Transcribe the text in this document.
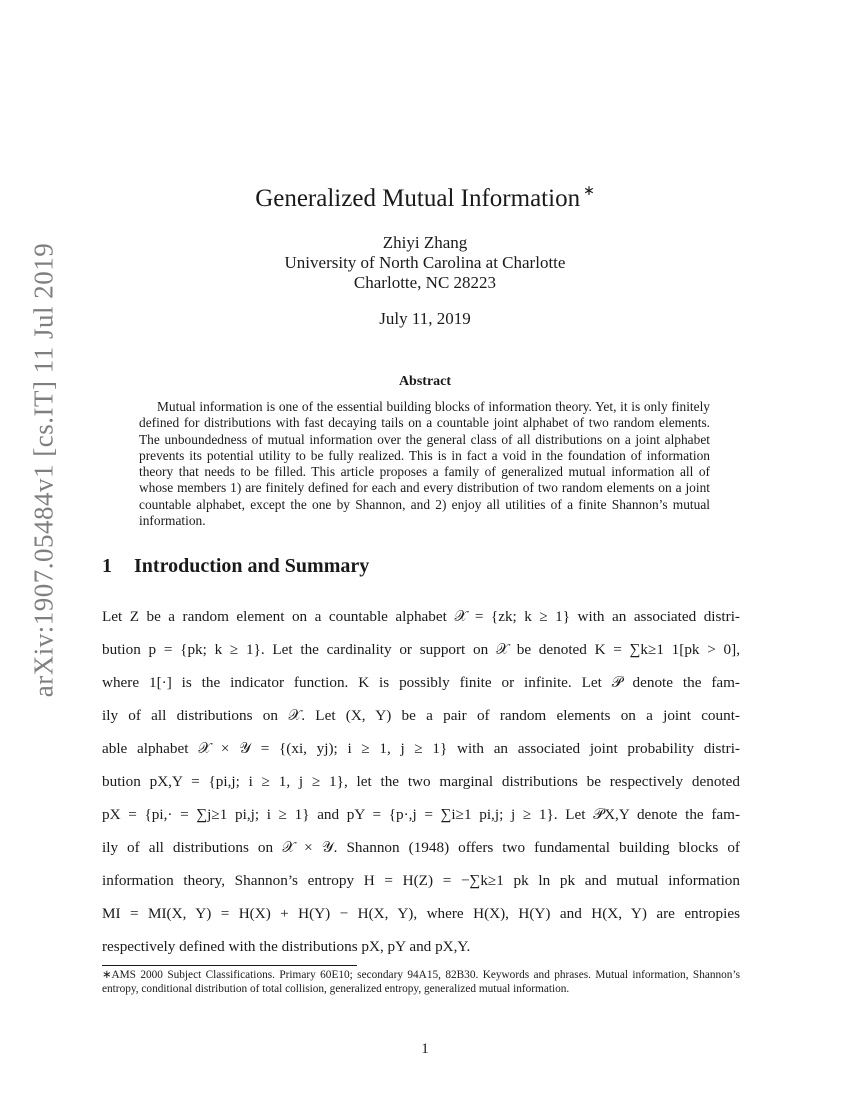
arXiv:1907.05484v1 [cs.IT] 11 Jul 2019
Generalized Mutual Information ∗
Zhiyi Zhang
University of North Carolina at Charlotte
Charlotte, NC 28223
July 11, 2019
Abstract
Mutual information is one of the essential building blocks of information theory. Yet, it is only finitely defined for distributions with fast decaying tails on a countable joint alphabet of two random elements. The unboundedness of mutual information over the general class of all distributions on a joint alphabet prevents its potential utility to be fully realized. This is in fact a void in the foundation of information theory that needs to be filled. This article proposes a family of generalized mutual information all of whose members 1) are finitely defined for each and every distribution of two random elements on a joint countable alphabet, except the one by Shannon, and 2) enjoy all utilities of a finite Shannon’s mutual information.
1 Introduction and Summary
Let Z be a random element on a countable alphabet 𝒳 = {zk; k ≥ 1} with an associated distri-
bution p = {pk; k ≥ 1}. Let the cardinality or support on 𝒳 be denoted K = ∑k≥1 1[pk > 0],
where 1[·] is the indicator function. K is possibly finite or infinite. Let 𝒫 denote the fam-
ily of all distributions on 𝒳. Let (X, Y) be a pair of random elements on a joint count-
able alphabet 𝒳 × 𝒴 = {(xi, yj); i ≥ 1, j ≥ 1} with an associated joint probability distri-
bution pX,Y = {pi,j; i ≥ 1, j ≥ 1}, let the two marginal distributions be respectively denoted
pX = {pi,· = ∑j≥1 pi,j; i ≥ 1} and pY = {p·,j = ∑i≥1 pi,j; j ≥ 1}. Let 𝒫X,Y denote the fam-
ily of all distributions on 𝒳 × 𝒴. Shannon (1948) offers two fundamental building blocks of
information theory, Shannon’s entropy H = H(Z) = −∑k≥1 pk ln pk and mutual information
MI = MI(X, Y) = H(X) + H(Y) − H(X, Y), where H(X), H(Y) and H(X, Y) are entropies
respectively defined with the distributions pX, pY and pX,Y.
∗AMS 2000 Subject Classifications. Primary 60E10; secondary 94A15, 82B30. Keywords and phrases. Mutual information, Shannon’s entropy, conditional distribution of total collision, generalized entropy, generalized mutual information.
1
